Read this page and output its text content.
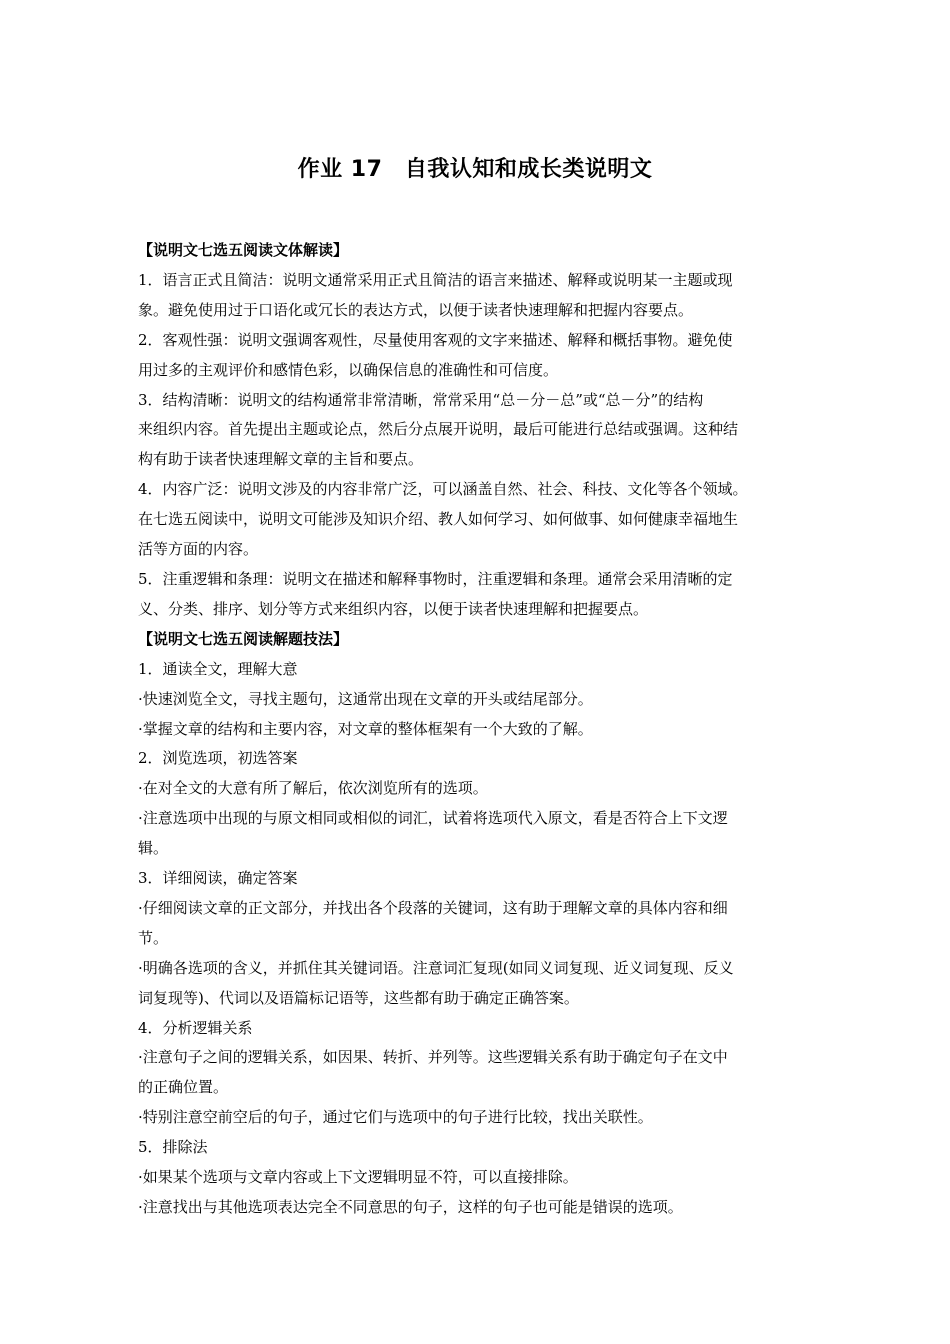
作业 17　自我认知和成长类说明文

【说明文七选五阅读文体解读】

1．语言正式且简洁：说明文通常采用正式且简洁的语言来描述、解释或说明某一主题或现

象。避免使用过于口语化或冗长的表达方式，以便于读者快速理解和把握内容要点。

2．客观性强：说明文强调客观性，尽量使用客观的文字来描述、解释和概括事物。避免使

用过多的主观评价和感情色彩，以确保信息的准确性和可信度。

3．结构清晰：说明文的结构通常非常清晰，常常采用“总－分－总”或“总－分”的结构

来组织内容。首先提出主题或论点，然后分点展开说明，最后可能进行总结或强调。这种结

构有助于读者快速理解文章的主旨和要点。

4．内容广泛：说明文涉及的内容非常广泛，可以涵盖自然、社会、科技、文化等各个领域。

在七选五阅读中，说明文可能涉及知识介绍、教人如何学习、如何做事、如何健康幸福地生

活等方面的内容。

5．注重逻辑和条理：说明文在描述和解释事物时，注重逻辑和条理。通常会采用清晰的定

义、分类、排序、划分等方式来组织内容，以便于读者快速理解和把握要点。

【说明文七选五阅读解题技法】

1．通读全文，理解大意

·快速浏览全文，寻找主题句，这通常出现在文章的开头或结尾部分。

·掌握文章的结构和主要内容，对文章的整体框架有一个大致的了解。

2．浏览选项，初选答案

·在对全文的大意有所了解后，依次浏览所有的选项。

·注意选项中出现的与原文相同或相似的词汇，试着将选项代入原文，看是否符合上下文逻

辑。

3．详细阅读，确定答案

·仔细阅读文章的正文部分，并找出各个段落的关键词，这有助于理解文章的具体内容和细

节。

·明确各选项的含义，并抓住其关键词语。注意词汇复现(如同义词复现、近义词复现、反义

词复现等)、代词以及语篇标记语等，这些都有助于确定正确答案。

4．分析逻辑关系

·注意句子之间的逻辑关系，如因果、转折、并列等。这些逻辑关系有助于确定句子在文中

的正确位置。

·特别注意空前空后的句子，通过它们与选项中的句子进行比较，找出关联性。

5．排除法

·如果某个选项与文章内容或上下文逻辑明显不符，可以直接排除。

·注意找出与其他选项表达完全不同意思的句子，这样的句子也可能是错误的选项。
